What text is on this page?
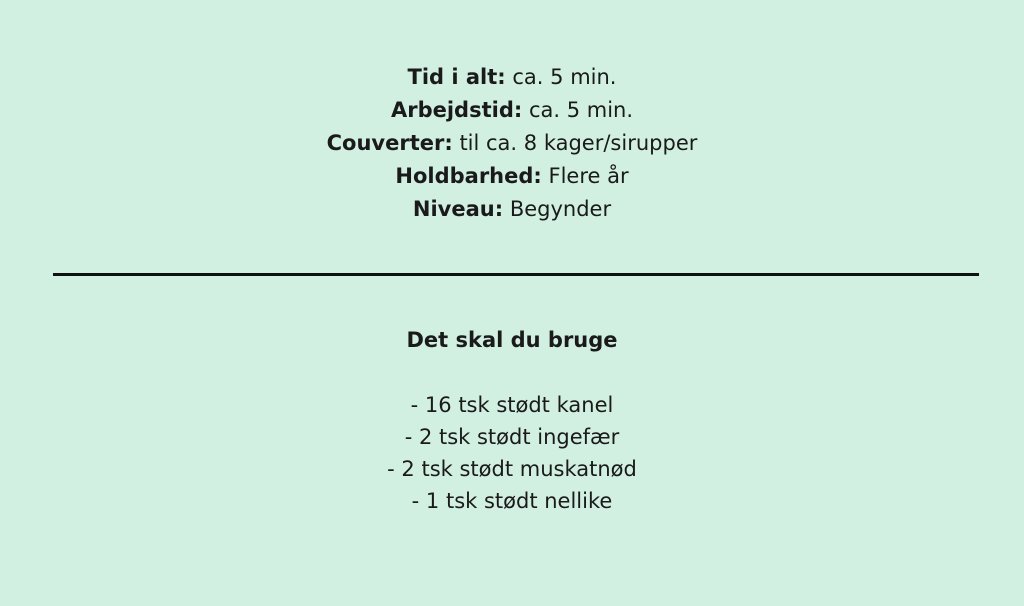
Tid i alt: ca. 5 min.
Arbejdstid: ca. 5 min.
Couverter: til ca. 8 kager/sirupper
Holdbarhed: Flere år
Niveau: Begynder
Det skal du bruge
- 16 tsk stødt kanel
- 2 tsk stødt ingefær
- 2 tsk stødt muskatnød
- 1 tsk stødt nellike
